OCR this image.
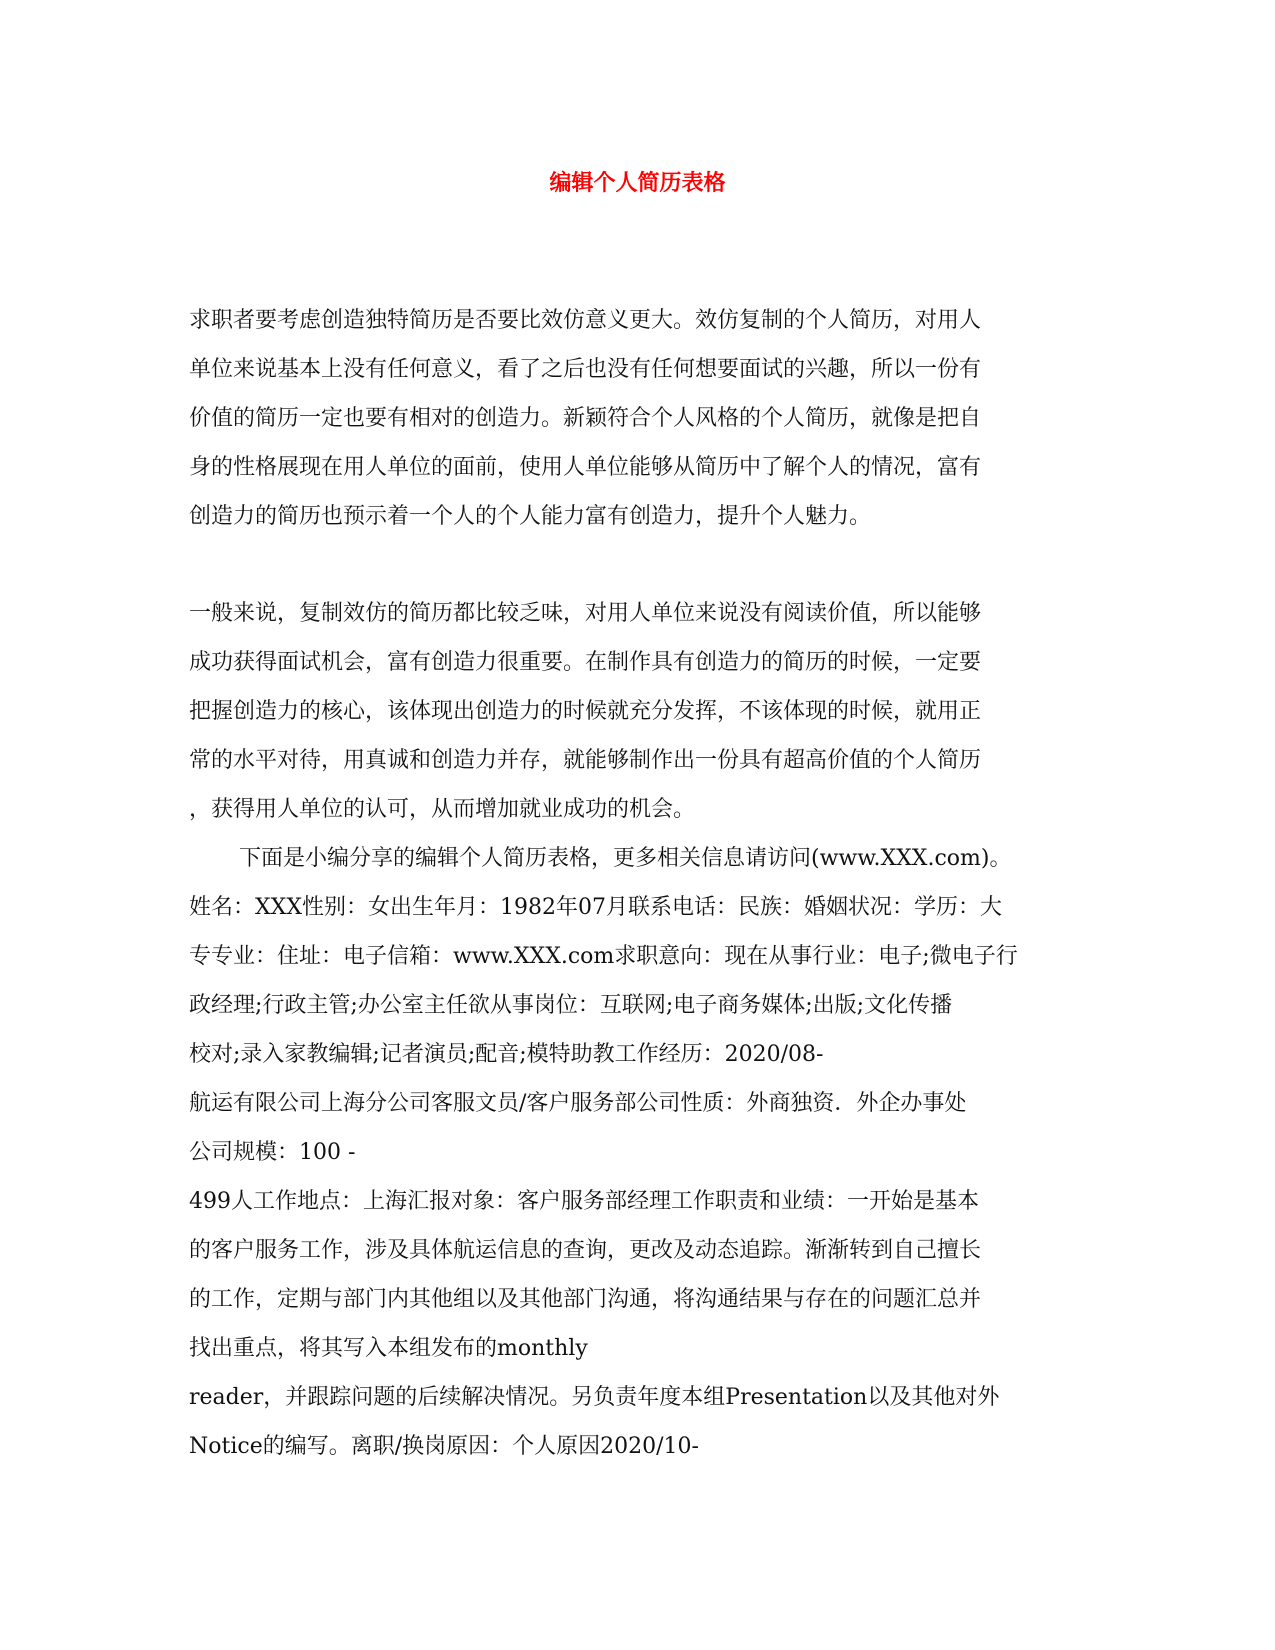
编辑个人简历表格
求职者要考虑创造独特简历是否要比效仿意义更大。效仿复制的个人简历，对用人
单位来说基本上没有任何意义，看了之后也没有任何想要面试的兴趣，所以一份有
价值的简历一定也要有相对的创造力。新颖符合个人风格的个人简历，就像是把自
身的性格展现在用人单位的面前，使用人单位能够从简历中了解个人的情况，富有
创造力的简历也预示着一个人的个人能力富有创造力，提升个人魅力。
一般来说，复制效仿的简历都比较乏味，对用人单位来说没有阅读价值，所以能够
成功获得面试机会，富有创造力很重要。在制作具有创造力的简历的时候，一定要
把握创造力的核心，该体现出创造力的时候就充分发挥，不该体现的时候，就用正
常的水平对待，用真诚和创造力并存，就能够制作出一份具有超高价值的个人简历
，获得用人单位的认可，从而增加就业成功的机会。
下面是小编分享的编辑个人简历表格，更多相关信息请访问(www.XXX.com)。
姓名：XXX性别：女出生年月：1982年07月联系电话：民族：婚姻状况：学历：大
专专业：住址：电子信箱：www.XXX.com求职意向：现在从事行业：电子;微电子行
政经理;行政主管;办公室主任欲从事岗位：互联网;电子商务媒体;出版;文化传播
校对;录入家教编辑;记者演员;配音;模特助教工作经历：2020/08-
航运有限公司上海分公司客服文员/客户服务部公司性质：外商独资．外企办事处
公司规模：100 -
499人工作地点：上海汇报对象：客户服务部经理工作职责和业绩：一开始是基本
的客户服务工作，涉及具体航运信息的查询，更改及动态追踪。渐渐转到自己擅长
的工作，定期与部门内其他组以及其他部门沟通，将沟通结果与存在的问题汇总并
找出重点，将其写入本组发布的monthly
reader，并跟踪问题的后续解决情况。另负责年度本组Presentation以及其他对外
Notice的编写。离职/换岗原因：个人原因2020/10-
